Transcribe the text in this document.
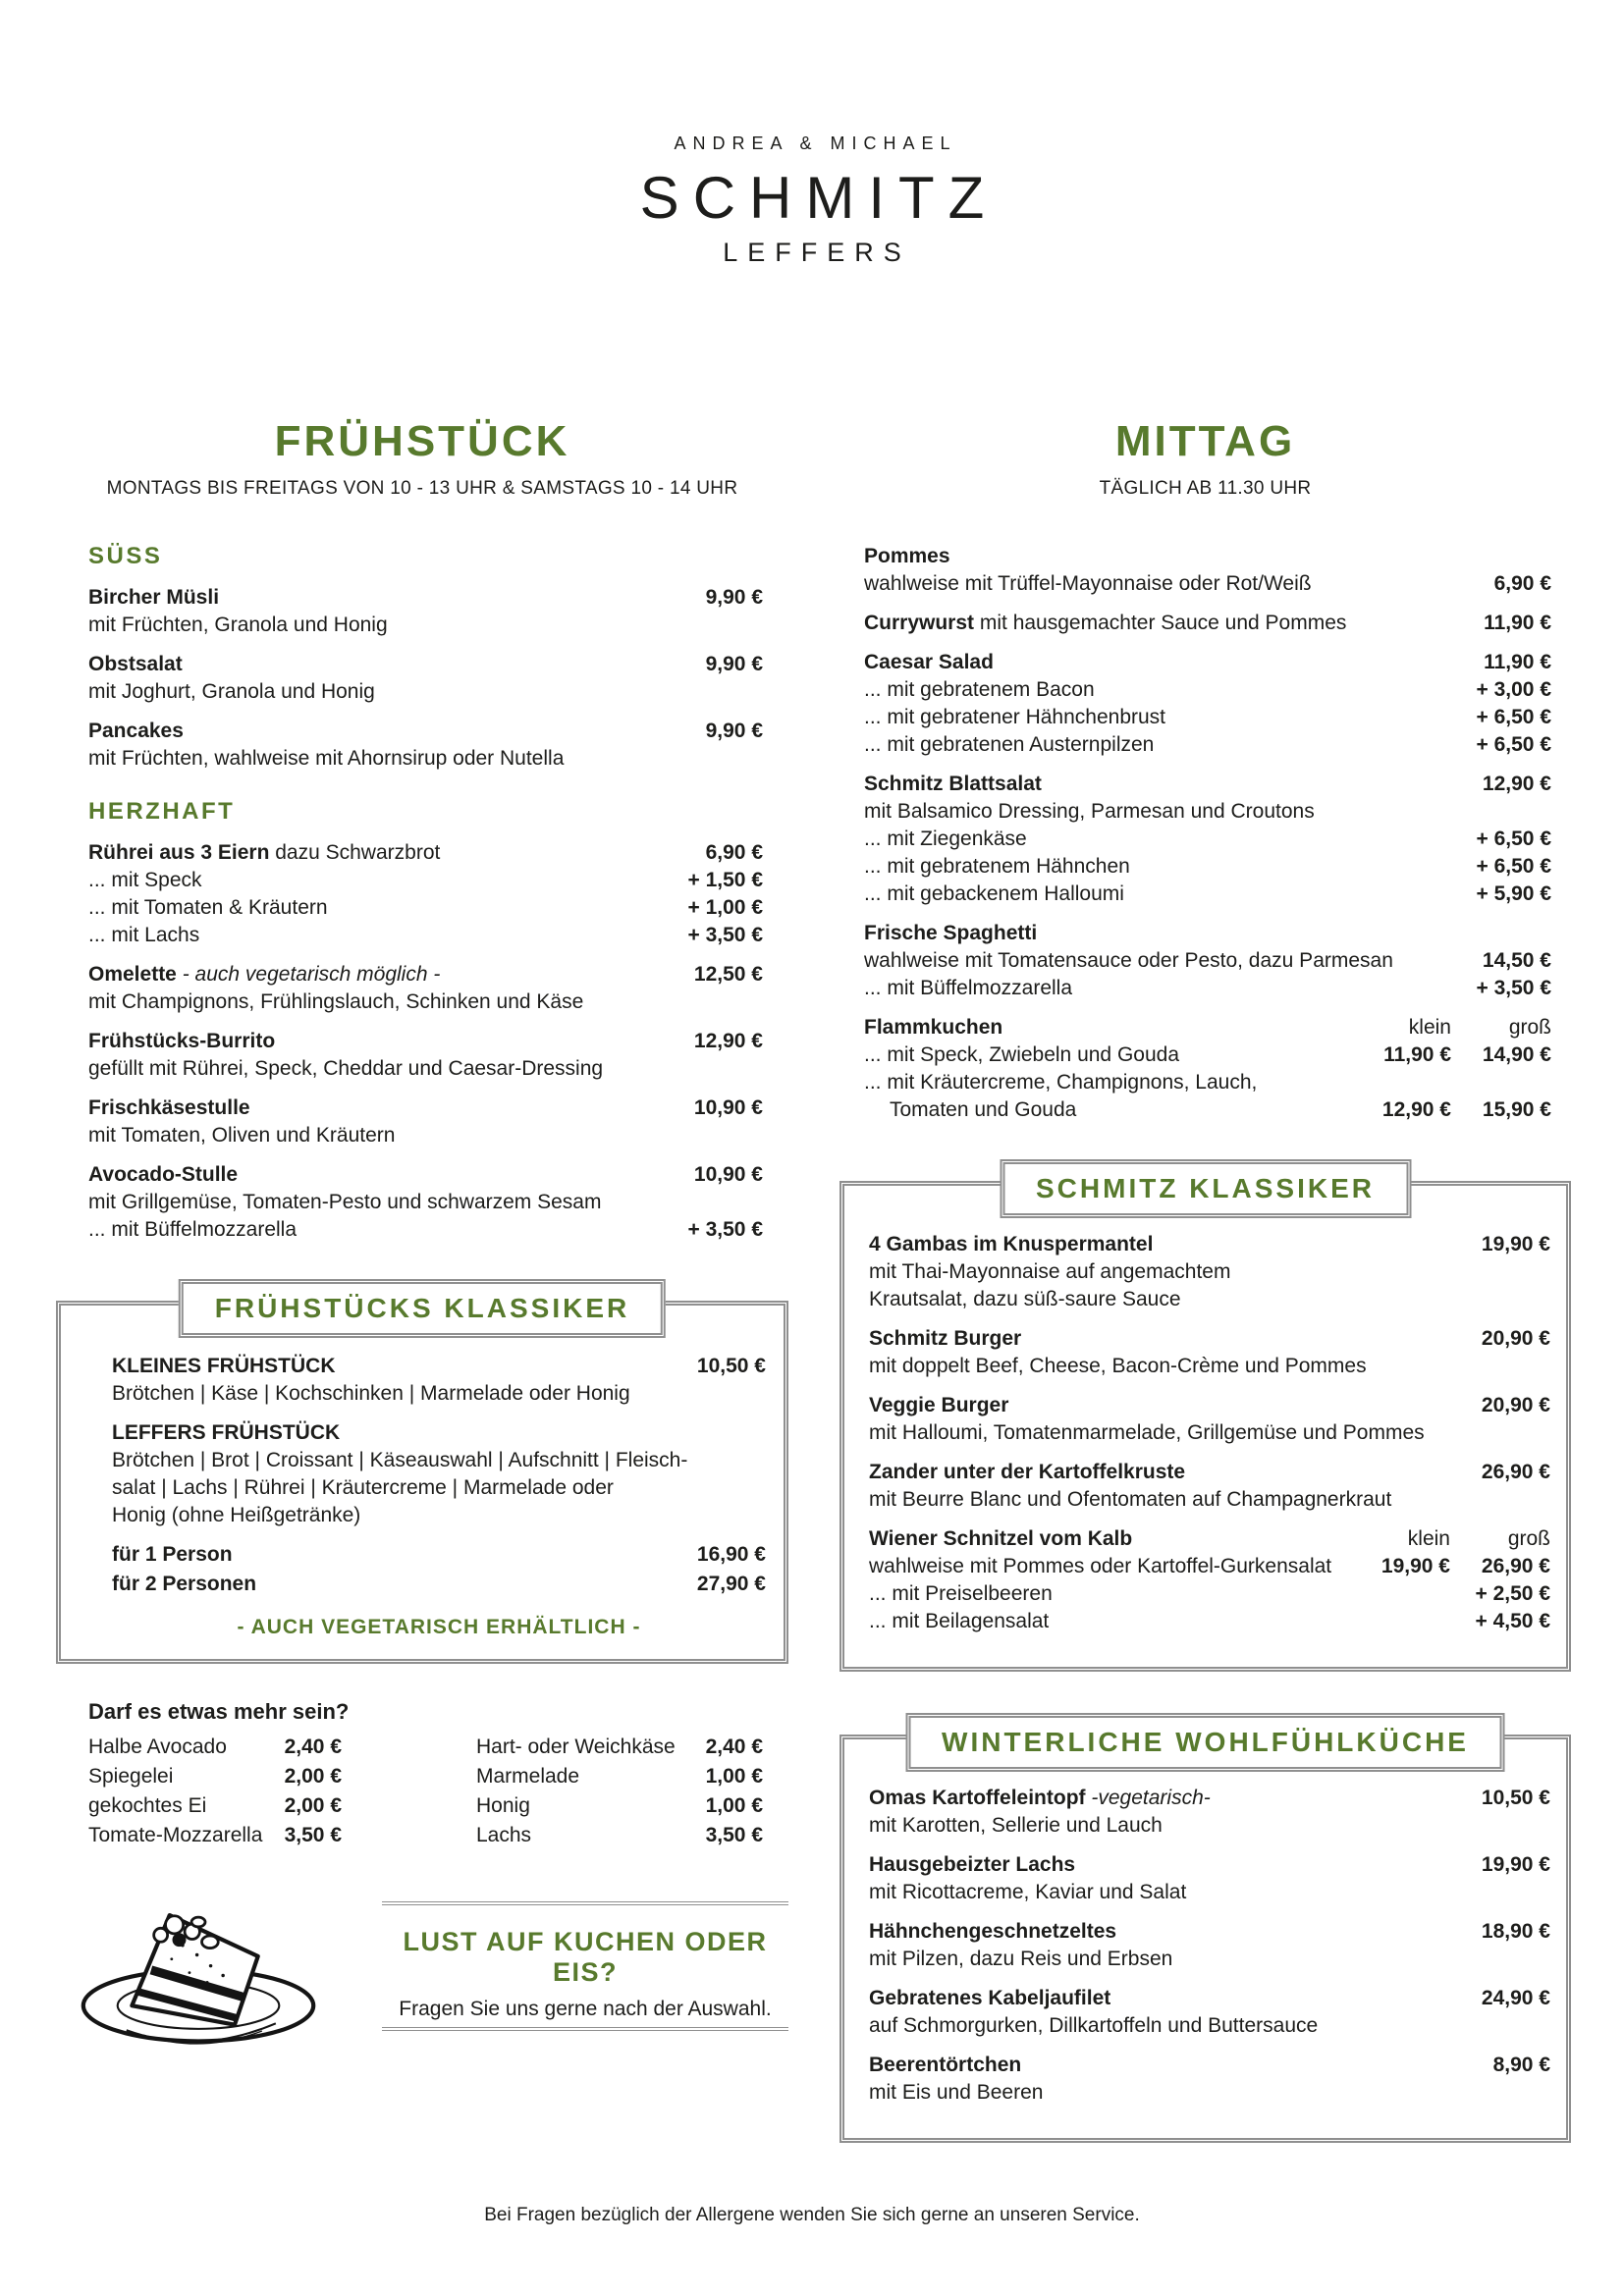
ANDREA & MICHAEL
SCHMITZ
LEFFERS
FRÜHSTÜCK
MONTAGS BIS FREITAGS VON 10 - 13 UHR & SAMSTAGS 10 - 14 UHR
SÜSS
Bircher Müsli	9,90 €
mit Früchten, Granola und Honig
Obstsalat	9,90 €
mit Joghurt, Granola und Honig
Pancakes	9,90 €
mit Früchten, wahlweise mit Ahornsirup oder Nutella
HERZHAFT
Rührei aus 3 Eiern dazu Schwarzbrot	6,90 €
... mit Speck	+ 1,50 €
... mit Tomaten & Kräutern	+ 1,00 €
... mit Lachs	+ 3,50 €
Omelette - auch vegetarisch möglich -	12,50 €
mit Champignons, Frühlingslauch, Schinken und Käse
Frühstücks-Burrito	12,90 €
gefüllt mit Rührei, Speck, Cheddar und Caesar-Dressing
Frischkäsestulle	10,90 €
mit Tomaten, Oliven und Kräutern
Avocado-Stulle	10,90 €
mit Grillgemüse, Tomaten-Pesto und schwarzem Sesam
... mit Büffelmozzarella	+ 3,50 €
FRÜHSTÜCKS KLASSIKER
KLEINES FRÜHSTÜCK	10,50 €
Brötchen | Käse | Kochschinken | Marmelade oder Honig
LEFFERS FRÜHSTÜCK
Brötchen | Brot | Croissant | Käseauswahl | Aufschnitt | Fleisch-
salat | Lachs | Rührei | Kräutercreme | Marmelade oder
Honig (ohne Heißgetränke)
für 1 Person	16,90 €
für 2 Personen	27,90 €
- AUCH VEGETARISCH ERHÄLTLICH -
Darf es etwas mehr sein?
Halbe Avocado	2,40 €
Spiegelei	2,00 €
gekochtes Ei	2,00 €
Tomate-Mozzarella 3,50 €
Hart- oder Weichkäse 2,40 €
Marmelade	1,00 €
Honig	1,00 €
Lachs	3,50 €
LUST AUF KUCHEN ODER EIS?
Fragen Sie uns gerne nach der Auswahl.
MITTAG
TÄGLICH AB 11.30 UHR
Pommes
wahlweise mit Trüffel-Mayonnaise oder Rot/Weiß	6,90 €
Currywurst mit hausgemachter Sauce und Pommes	11,90 €
Caesar Salad	11,90 €
... mit gebratenem Bacon	+ 3,00 €
... mit gebratener Hähnchenbrust	+ 6,50 €
... mit gebratenen Austernpilzen	+ 6,50 €
Schmitz Blattsalat	12,90 €
mit Balsamico Dressing, Parmesan und Croutons
... mit Ziegenkäse	+ 6,50 €
... mit gebratenem Hähnchen	+ 6,50 €
... mit gebackenem Halloumi	+ 5,90 €
Frische Spaghetti
wahlweise mit Tomatensauce oder Pesto, dazu Parmesan	14,50 €
... mit Büffelmozzarella	+ 3,50 €
Flammkuchen	klein	groß
... mit Speck, Zwiebeln und Gouda	11,90 €	14,90 €
... mit Kräutercreme, Champignons, Lauch,
Tomaten und Gouda	12,90 €	15,90 €
SCHMITZ KLASSIKER
4 Gambas im Knuspermantel	19,90 €
mit Thai-Mayonnaise auf angemachtem
Krautsalat, dazu süß-saure Sauce
Schmitz Burger	20,90 €
mit doppelt Beef, Cheese, Bacon-Crème und Pommes
Veggie Burger	20,90 €
mit Halloumi, Tomatenmarmelade, Grillgemüse und Pommes
Zander unter der Kartoffelkruste	26,90 €
mit Beurre Blanc und Ofentomaten auf Champagnerkraut
Wiener Schnitzel vom Kalb	klein	groß
wahlweise mit Pommes oder Kartoffel-Gurkensalat	19,90 €	26,90 €
... mit Preiselbeeren	+ 2,50 €
... mit Beilagensalat	+ 4,50 €
WINTERLICHE WOHLFÜHLKÜCHE
Omas Kartoffeleintopf -vegetarisch-	10,50 €
mit Karotten, Sellerie und Lauch
Hausgebeizter Lachs	19,90 €
mit Ricottacreme, Kaviar und Salat
Hähnchengeschnetzeltes	18,90 €
mit Pilzen, dazu Reis und Erbsen
Gebratenes Kabeljaufilet	24,90 €
auf Schmorgurken, Dillkartoffeln und Buttersauce
Beerentörtchen	8,90 €
mit Eis und Beeren
Bei Fragen bezüglich der Allergene wenden Sie sich gerne an unseren Service.
